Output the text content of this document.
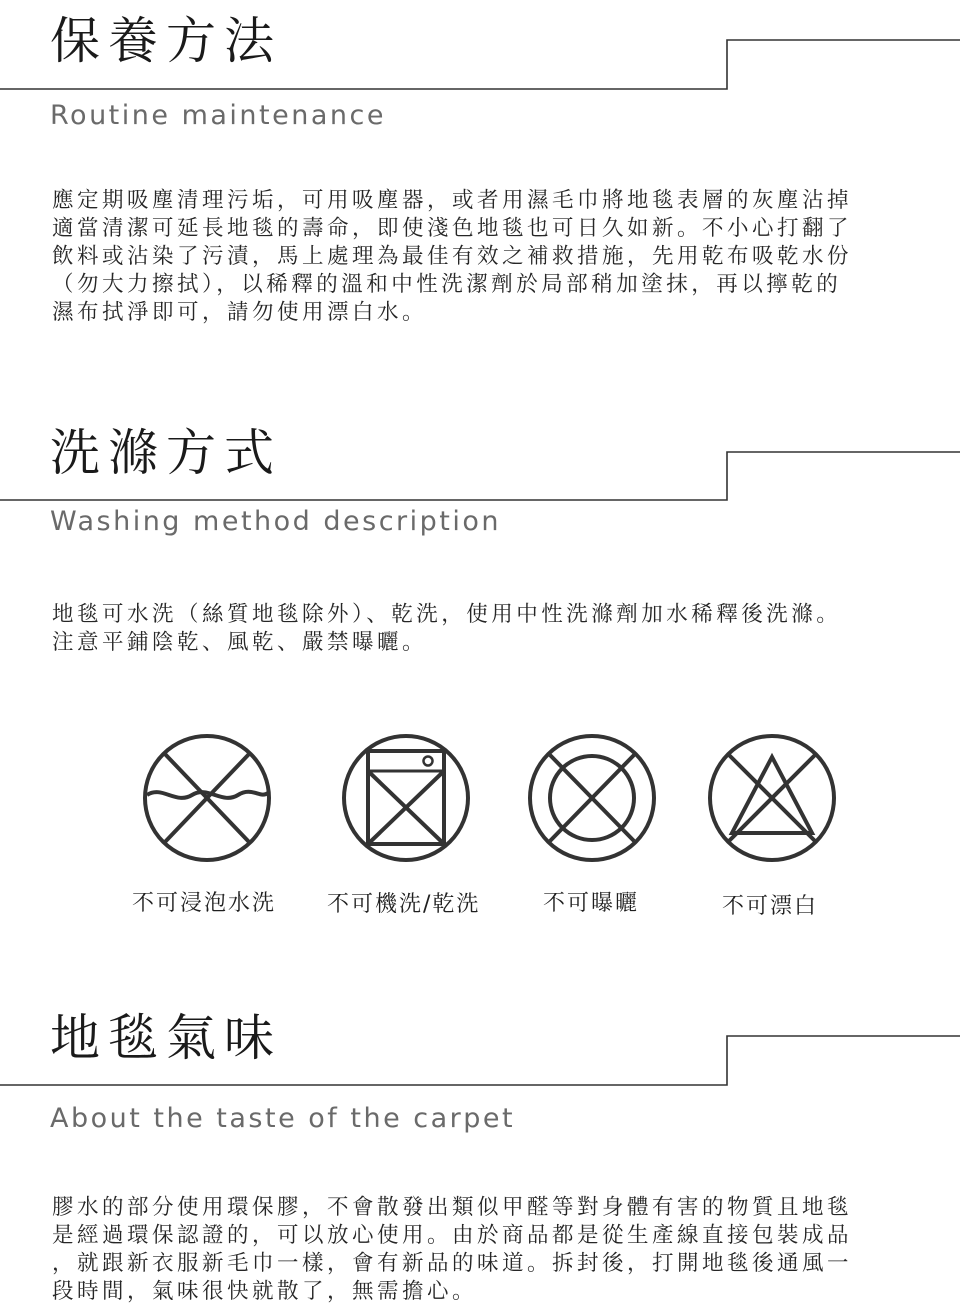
保養方法
Routine maintenance
應定期吸塵清理污垢，可用吸塵器，或者用濕毛巾將地毯表層的灰塵沾掉
適當清潔可延長地毯的壽命，即使淺色地毯也可日久如新。不小心打翻了
飲料或沾染了污漬，馬上處理為最佳有效之補救措施，先用乾布吸乾水份
（勿大力擦拭），以稀釋的溫和中性洗潔劑於局部稍加塗抹，再以擰乾的
濕布拭淨即可，請勿使用漂白水。
洗滌方式
Washing method description
地毯可水洗（絲質地毯除外）、乾洗，使用中性洗滌劑加水稀釋後洗滌。
注意平鋪陰乾、風乾、嚴禁曝曬。
不可浸泡水洗 不可機洗/乾洗	不可曝曬	不可漂白
地毯氣味
About the taste of the carpet
膠水的部分使用環保膠，不會散發出類似甲醛等對身體有害的物質且地毯
是經過環保認證的，可以放心使用。由於商品都是從生產線直接包裝成品
，就跟新衣服新毛巾一樣，會有新品的味道。拆封後，打開地毯後通風一
段時間，氣味很快就散了，無需擔心。
